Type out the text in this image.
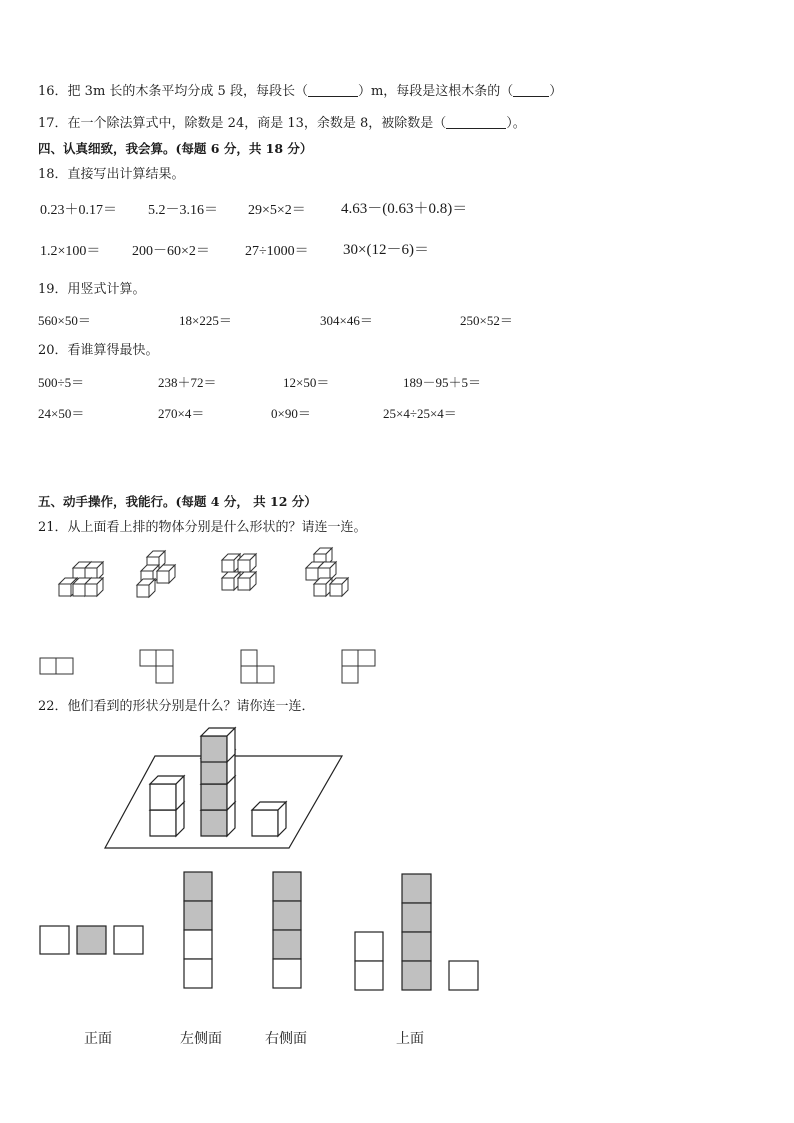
16．把 3m 长的木条平均分成 5 段，每段长（	）m，每段是这根木条的（	）
17．在一个除法算式中，除数是 24，商是 13，余数是 8，被除数是（	）。
四、认真细致，我会算。(每题 6 分，共 18 分）
18．直接写出计算结果。
0.23＋0.17＝ 5.2－3.16＝ 29×5×2＝ 4.63－(0.63＋0.8)＝
1.2×100＝ 200－60×2＝	27÷1000＝ 30×(12－6)＝
19．用竖式计算。
560×50＝	18×225＝	304×46＝	250×52＝
20．看谁算得最快。
500÷5＝	238＋72＝	12×50＝	189－95＋5＝
24×50＝	270×4＝	0×90＝	25×4÷25×4＝
五、动手操作，我能行。(每题 4 分， 共 12 分）
21．从上面看上排的物体分别是什么形状的？请连一连。
22．他们看到的形状分别是什么？请你连一连．
正面	左侧面	右侧面	上面
